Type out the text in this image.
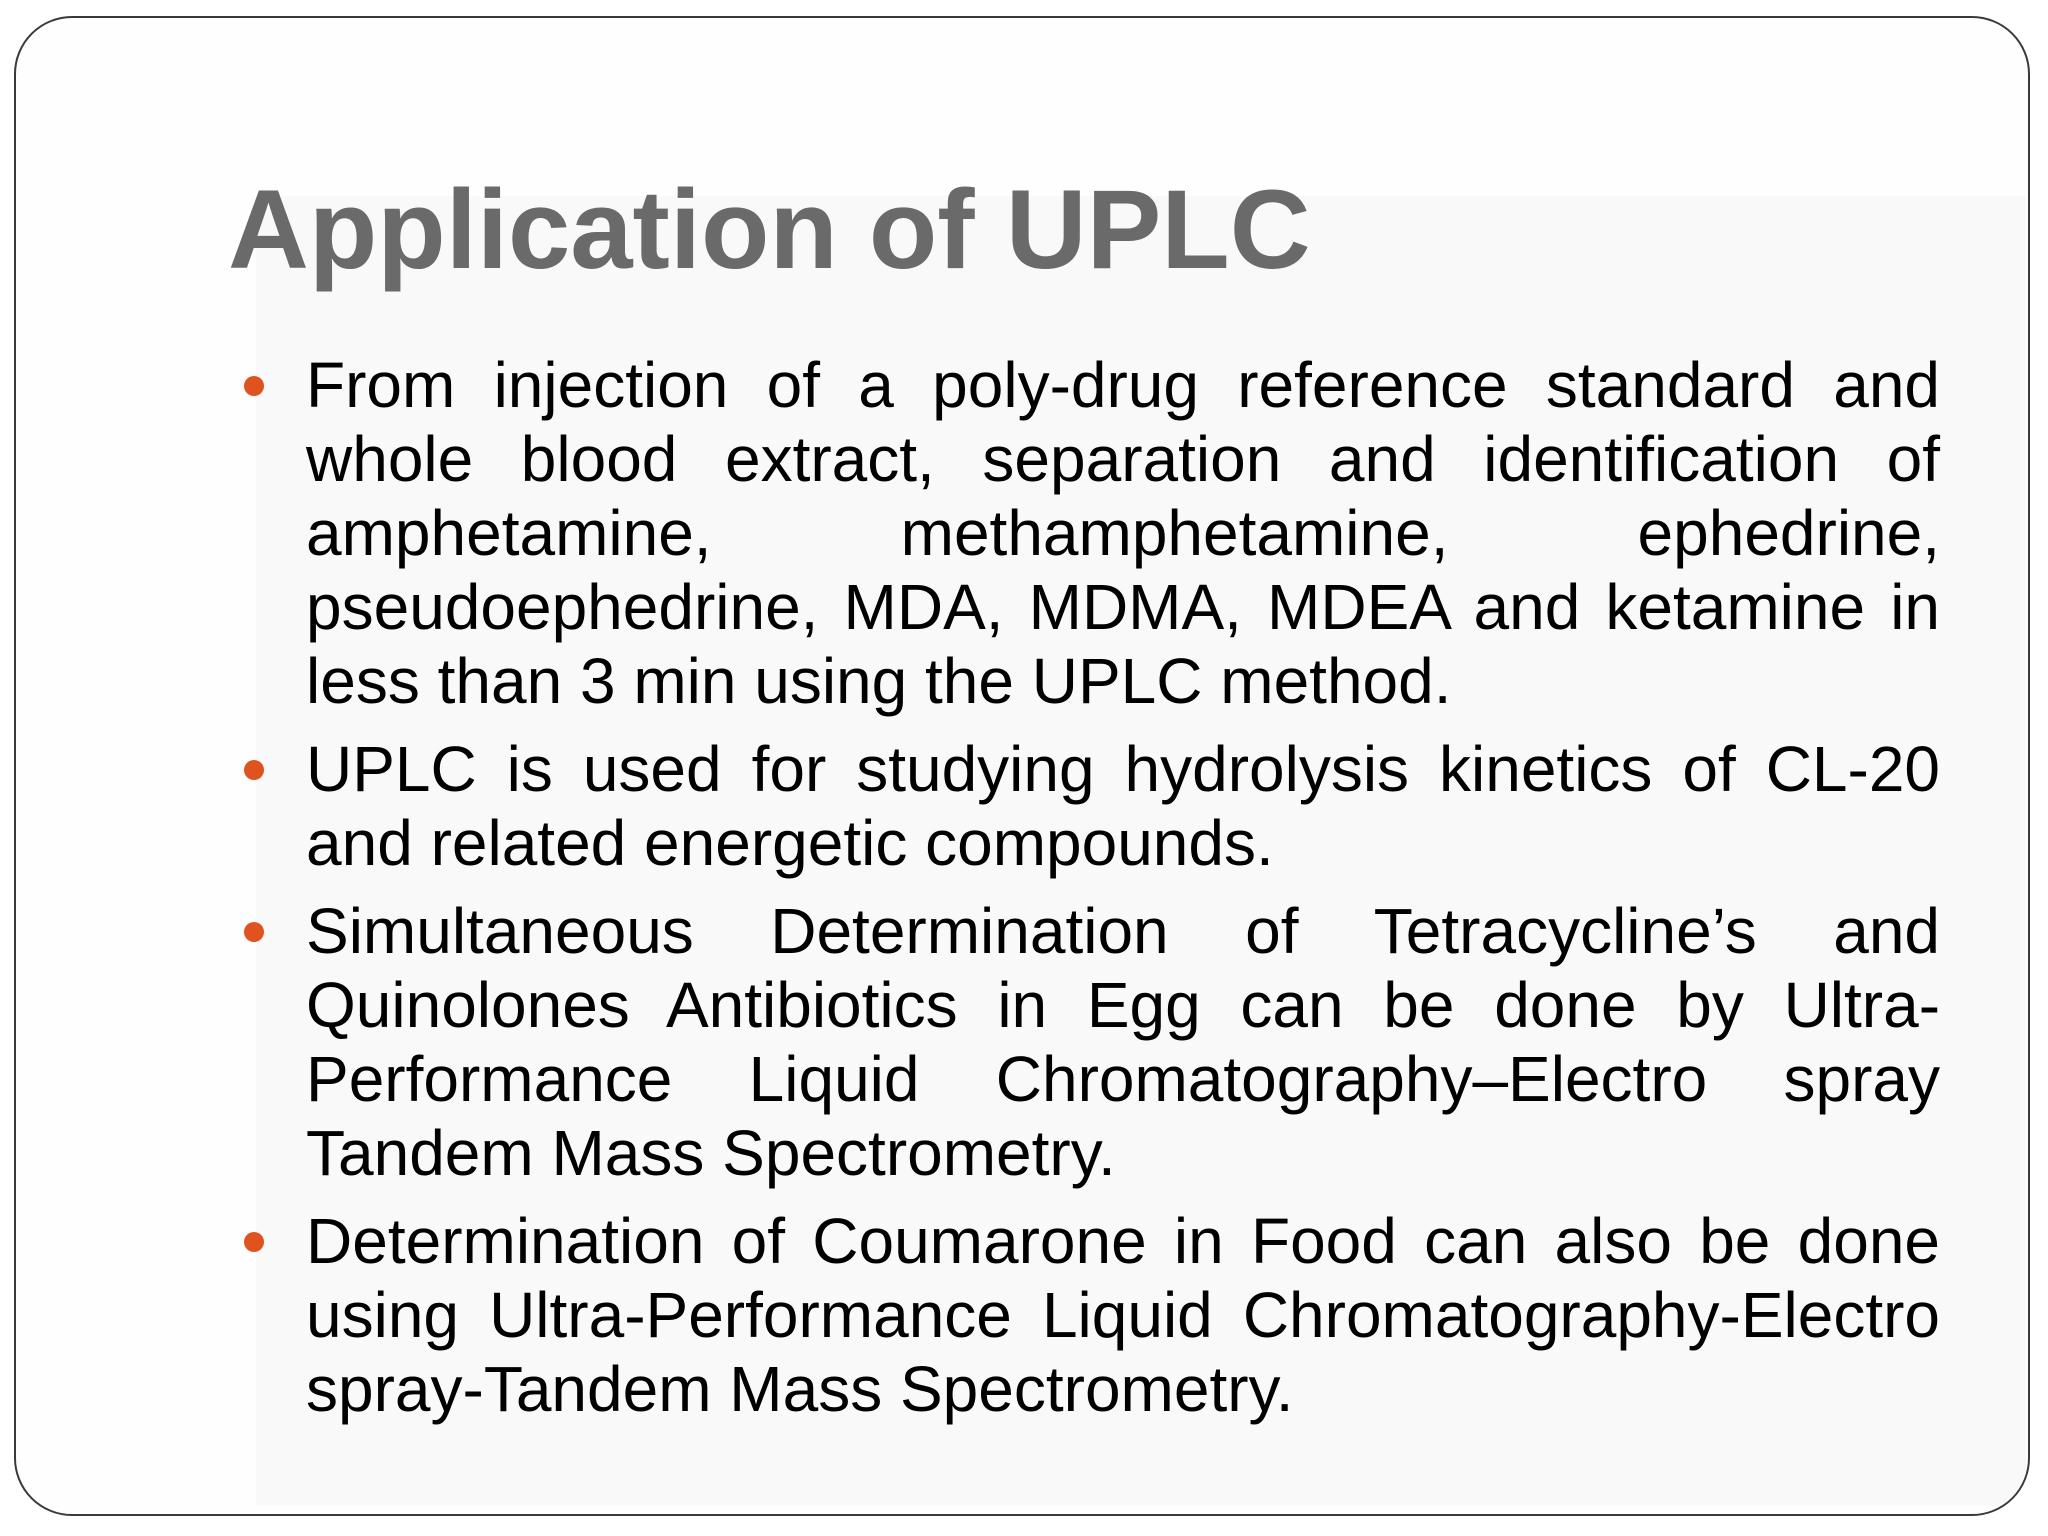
Application of UPLC
From injection of a poly-drug reference standard and whole blood extract, separation and identification of amphetamine, methamphetamine, ephedrine, pseudoephedrine, MDA, MDMA, MDEA and ketamine in less than 3 min using the UPLC method.
UPLC is used for studying hydrolysis kinetics of CL-20 and related energetic compounds.
Simultaneous Determination of Tetracycline’s and Quinolones Antibiotics in Egg can be done by Ultra-Performance Liquid Chromatography–Electro spray Tandem Mass Spectrometry.
Determination of Coumarone in Food can also be done using Ultra-Performance Liquid Chromatography-Electro spray-Tandem Mass Spectrometry.
